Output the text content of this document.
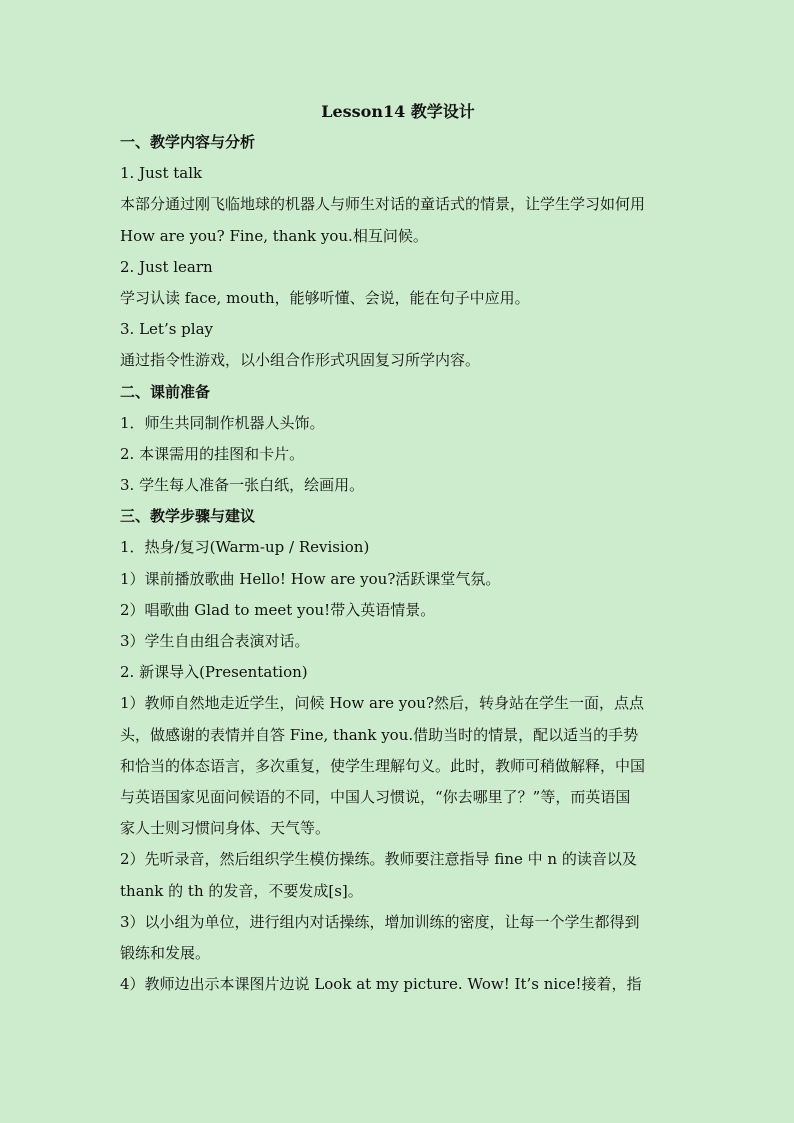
Lesson14 教学设计
一、教学内容与分析
1. Just talk
本部分通过刚飞临地球的机器人与师生对话的童话式的情景，让学生学习如何用
How are you? Fine, thank you.相互问候。
2. Just learn
学习认读 face, mouth，能够听懂、会说，能在句子中应用。
3. Let’s play
通过指令性游戏，以小组合作形式巩固复习所学内容。
二、课前准备
1．师生共同制作机器人头饰。
2. 本课需用的挂图和卡片。
3. 学生每人准备一张白纸，绘画用。
三、教学步骤与建议
1．热身/复习(Warm-up / Revision)
1）课前播放歌曲 Hello! How are you?活跃课堂气氛。
2）唱歌曲 Glad to meet you!带入英语情景。
3）学生自由组合表演对话。
2. 新课导入(Presentation)
1）教师自然地走近学生，问候 How are you?然后，转身站在学生一面，点点
头，做感谢的表情并自答 Fine, thank you.借助当时的情景，配以适当的手势
和恰当的体态语言，多次重复，使学生理解句义。此时，教师可稍做解释，中国
与英语国家见面问候语的不同，中国人习惯说，“你去哪里了？”等，而英语国
家人士则习惯问身体、天气等。
2）先听录音，然后组织学生模仿操练。教师要注意指导 fine 中 n 的读音以及
thank 的 th 的发音，不要发成[s]。
3）以小组为单位，进行组内对话操练，增加训练的密度，让每一个学生都得到
锻练和发展。
4）教师边出示本课图片边说 Look at my picture. Wow! It’s nice!接着，指
